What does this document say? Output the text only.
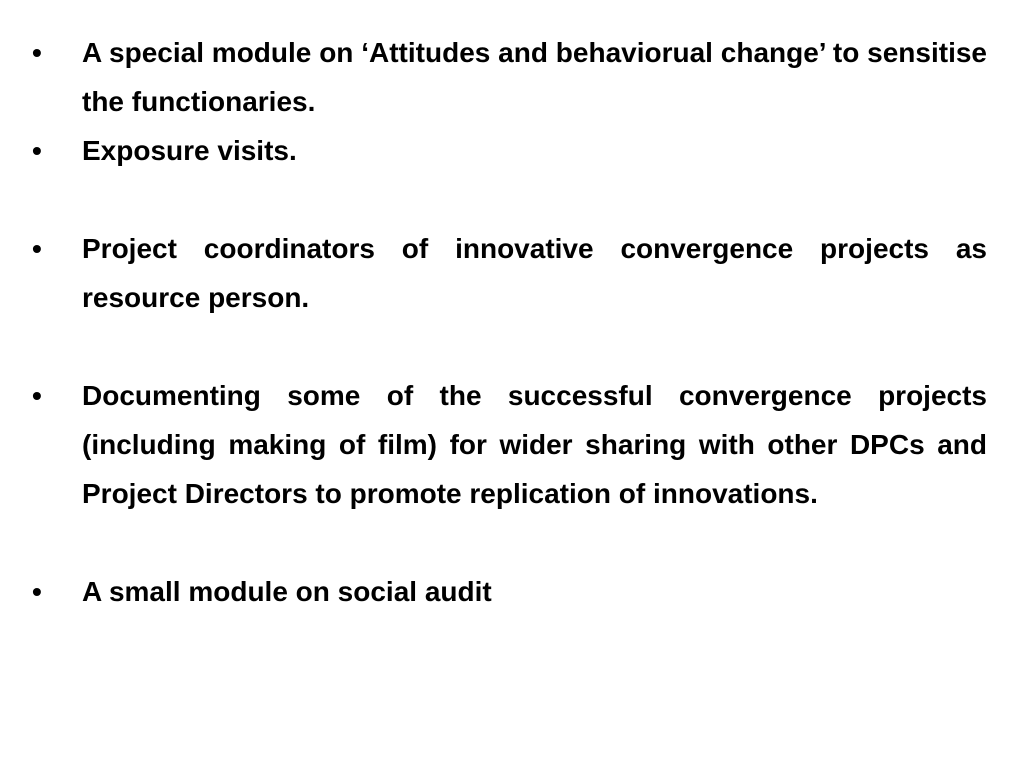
•	A special module on ‘Attitudes and behaviorual change’ to sensitise the functionaries.
•	Exposure visits.
•	Project coordinators of innovative convergence projects as resource person.
•	Documenting some of the successful convergence projects (including making of film) for wider sharing with other DPCs and Project Directors to promote replication of innovations.
•	A small module on social audit
